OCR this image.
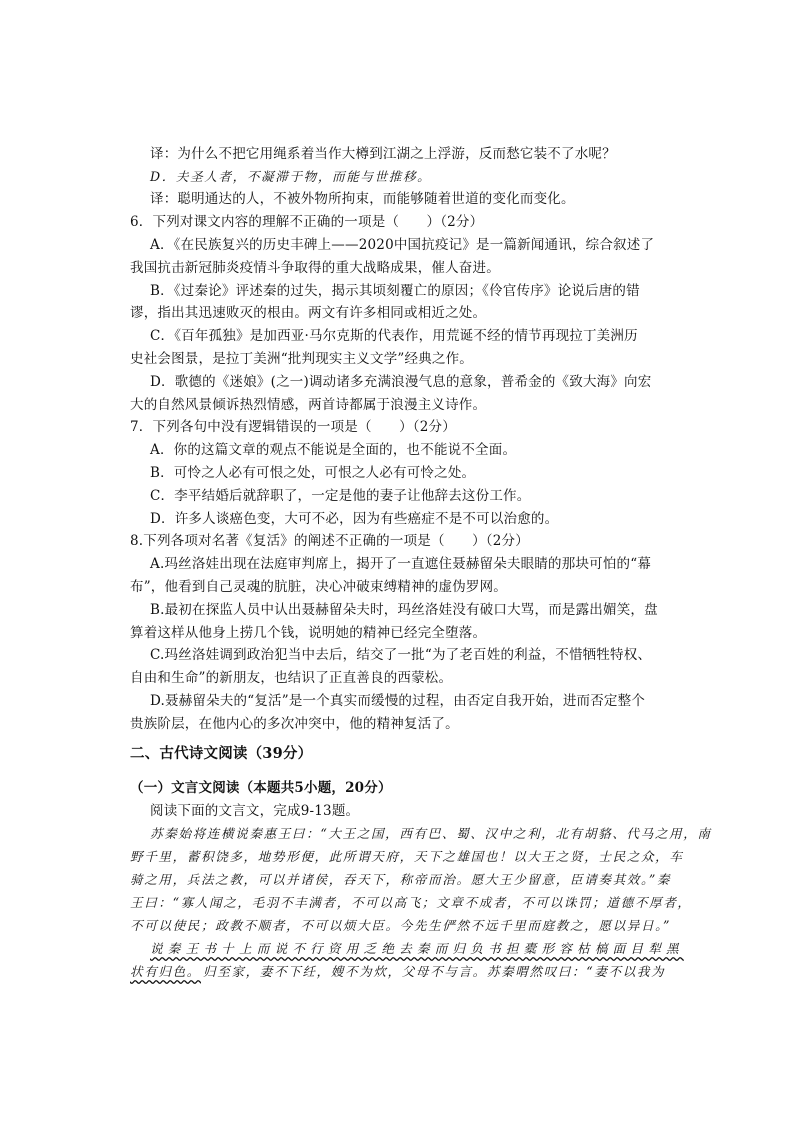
译：为什么不把它用绳系着当作大樽到江湖之上浮游，反而愁它装不了水呢？
D．夫圣人者，不凝滞于物，而能与世推移。
译：聪明通达的人，不被外物所拘束，而能够随着世道的变化而变化。
6．下列对课文内容的理解不正确的一项是（　　）（2分）
A．《在民族复兴的历史丰碑上——2020中国抗疫记》是一篇新闻通讯，综合叙述了
我国抗击新冠肺炎疫情斗争取得的重大战略成果，催人奋进。
B．《过秦论》评述秦的过失，揭示其顷刻覆亡的原因；《伶官传序》论说后唐的错
谬，指出其迅速败灭的根由。两文有许多相同或相近之处。
C．《百年孤独》是加西亚·马尔克斯的代表作，用荒诞不经的情节再现拉丁美洲历
史社会图景，是拉丁美洲“批判现实主义文学”经典之作。
D．歌德的《迷娘》(之一)调动诸多充满浪漫气息的意象，普希金的《致大海》向宏
大的自然风景倾诉热烈情感，两首诗都属于浪漫主义诗作。
7．下列各句中没有逻辑错误的一项是（　　）（2分）
A．你的这篇文章的观点不能说是全面的，也不能说不全面。
B．可怜之人必有可恨之处，可恨之人必有可怜之处。
C．李平结婚后就辞职了，一定是他的妻子让他辞去这份工作。
D．许多人谈癌色变，大可不必，因为有些癌症不是不可以治愈的。
8.下列各项对名著《复活》的阐述不正确的一项是（　　）（2分）
A.玛丝洛娃出现在法庭审判席上，揭开了一直遮住聂赫留朵夫眼睛的那块可怕的“幕
布”，他看到自己灵魂的肮脏，决心冲破束缚精神的虚伪罗网。
B.最初在探监人员中认出聂赫留朵夫时，玛丝洛娃没有破口大骂，而是露出媚笑，盘
算着这样从他身上捞几个钱，说明她的精神已经完全堕落。
C.玛丝洛娃调到政治犯当中去后，结交了一批“为了老百姓的利益，不惜牺牲特权、
自由和生命”的新朋友，也结识了正直善良的西蒙松。
D.聂赫留朵夫的“复活”是一个真实而缓慢的过程，由否定自我开始，进而否定整个
贵族阶层，在他内心的多次冲突中，他的精神复活了。
二、古代诗文阅读（39分）
（一）文言文阅读（本题共5小题，20分）
阅读下面的文言文，完成9-13题。
苏秦始将连横说秦惠王曰：“大王之国，西有巴、蜀、汉中之利，北有胡貉、代马之用，南
野千里，蓄积饶多，地势形便，此所谓天府，天下之雄国也！以大王之贤，士民之众，车
骑之用，兵法之教，可以并诸侯，吞天下，称帝而治。愿大王少留意，臣请奏其效。”秦
王曰：“寡人闻之，毛羽不丰满者，不可以高飞；文章不成者，不可以诛罚；道德不厚者，
不可以使民；政教不顺者，不可以烦大臣。今先生俨然不远千里而庭教之，愿以异日。”
说秦王书十上而说不行资用乏绝去秦而归负书担橐形容枯槁面目犁黑
状有归色。 归至家，妻不下纴，嫂不为炊，父母不与言。苏秦喟然叹曰：“妻不以我为
